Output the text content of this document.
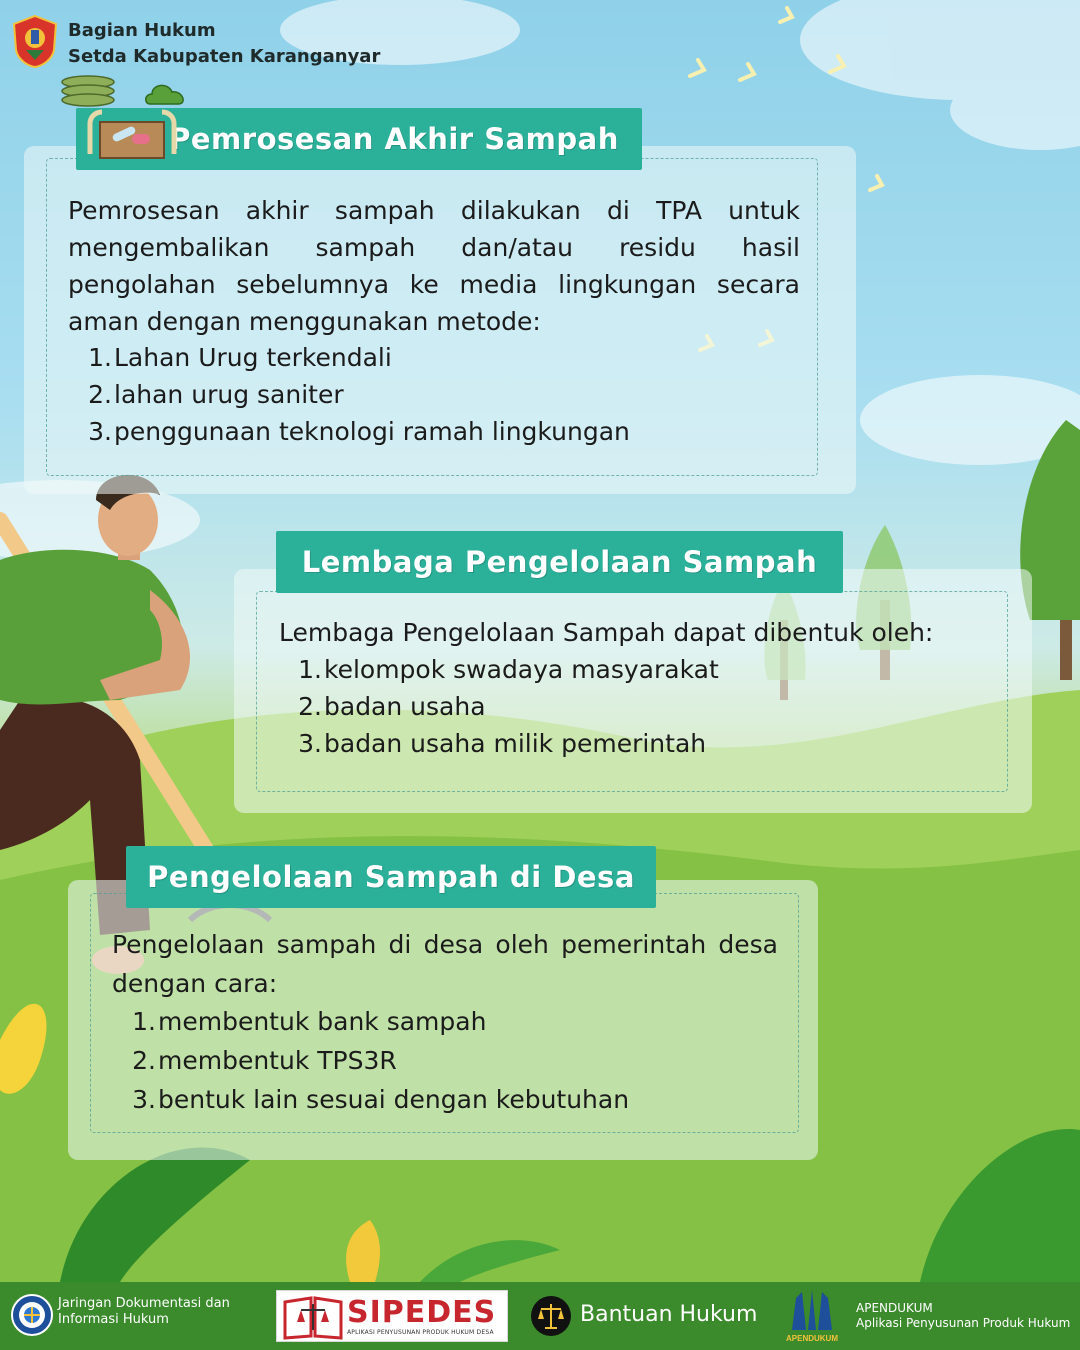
Bagian Hukum
Setda Kabupaten Karanganyar
Pemrosesan Akhir Sampah
Pemrosesan akhir sampah dilakukan di TPA untuk mengembalikan sampah dan/atau residu hasil pengolahan sebelumnya ke media lingkungan secara aman dengan menggunakan metode:
1. Lahan Urug terkendali
2. lahan urug saniter
3. penggunaan teknologi ramah lingkungan
Lembaga Pengelolaan Sampah
Lembaga Pengelolaan Sampah dapat dibentuk oleh:
1. kelompok swadaya masyarakat
2. badan usaha
3. badan usaha milik pemerintah
Pengelolaan Sampah di Desa
Pengelolaan sampah di desa oleh pemerintah desa dengan cara:
1. membentuk bank sampah
2. membentuk TPS3R
3. bentuk lain sesuai dengan kebutuhan
Jaringan Dokumentasi dan
Informasi Hukum	SIPEDES
APLIKASI PENYUSUNAN PRODUK HUKUM DESA
Bantuan Hukum
APENDUKUM
APENDUKUM
Aplikasi Penyusunan Produk Hukum
